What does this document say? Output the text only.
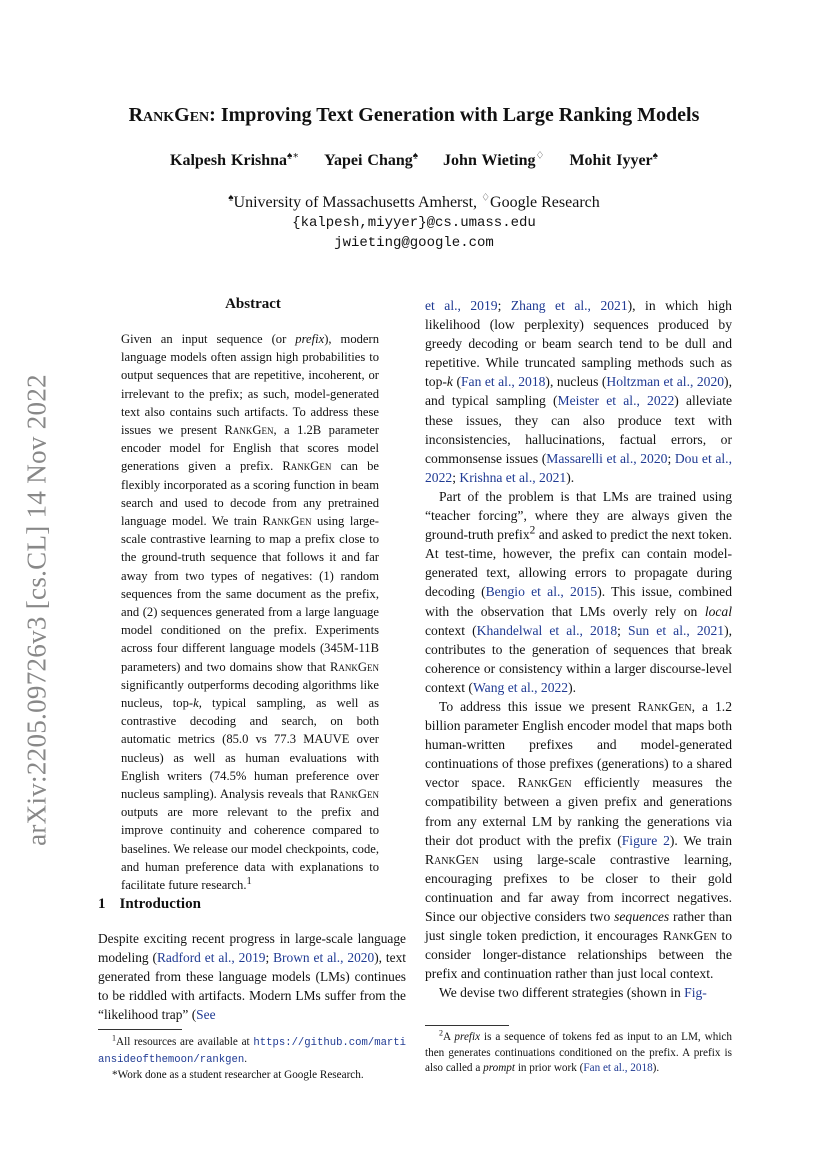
arXiv:2205.09726v3 [cs.CL] 14 Nov 2022
RankGen: Improving Text Generation with Large Ranking Models
Kalpesh Krishna♠∗ Yapei Chang♠ John Wieting♢ Mohit Iyyer♠
♠University of Massachusetts Amherst, ♢Google Research
{kalpesh,miyyer}@cs.umass.edu
jwieting@google.com
Abstract
Given an input sequence (or prefix), modern language models often assign high probabilities to output sequences that are repetitive, incoherent, or irrelevant to the prefix; as such, model-generated text also contains such artifacts. To address these issues we present RankGen, a 1.2B parameter encoder model for English that scores model generations given a prefix. RankGen can be flexibly incorporated as a scoring function in beam search and used to decode from any pretrained language model. We train RankGen using large-scale contrastive learning to map a prefix close to the ground-truth sequence that follows it and far away from two types of negatives: (1) random sequences from the same document as the prefix, and (2) sequences generated from a large language model conditioned on the prefix. Experiments across four different language models (345M-11B parameters) and two domains show that RankGen significantly outperforms decoding algorithms like nucleus, top-k, typical sampling, as well as contrastive decoding and search, on both automatic metrics (85.0 vs 77.3 MAUVE over nucleus) as well as human evaluations with English writers (74.5% human preference over nucleus sampling). Analysis reveals that RankGen outputs are more relevant to the prefix and improve continuity and coherence compared to baselines. We release our model checkpoints, code, and human preference data with explanations to facilitate future research.$^1$
1 Introduction
Despite exciting recent progress in large-scale language modeling (Radford et al., 2019; Brown et al., 2020), text generated from these language models (LMs) continues to be riddled with artifacts. Modern LMs suffer from the “likelihood trap” (See

et al., 2019; Zhang et al., 2021), in which high likelihood (low perplexity) sequences produced by greedy decoding or beam search tend to be dull and repetitive. While truncated sampling methods such as top-k (Fan et al., 2018), nucleus (Holtzman et al., 2020), and typical sampling (Meister et al., 2022) alleviate these issues, they can also produce text with inconsistencies, hallucinations, factual errors, or commonsense issues (Massarelli et al., 2020; Dou et al., 2022; Krishna et al., 2021).

Part of the problem is that LMs are trained using “teacher forcing”, where they are always given the ground-truth prefix$^2$ and asked to predict the next token. At test-time, however, the prefix can contain model-generated text, allowing errors to propagate during decoding (Bengio et al., 2015). This issue, combined with the observation that LMs overly rely on local context (Khandelwal et al., 2018; Sun et al., 2021), contributes to the generation of sequences that break coherence or consistency within a larger discourse-level context (Wang et al., 2022).

To address this issue we present RankGen, a 1.2 billion parameter English encoder model that maps both human-written prefixes and model-generated continuations of those prefixes (generations) to a shared vector space. RankGen efficiently measures the compatibility between a given prefix and generations from any external LM by ranking the generations via their dot product with the prefix (Figure 2). We train RankGen using large-scale contrastive learning, encouraging prefixes to be closer to their gold continuation and far away from incorrect negatives. Since our objective considers two sequences rather than just single token prediction, it encourages RankGen to consider longer-distance relationships between the prefix and continuation rather than just local context.

We devise two different strategies (shown in Fig-

$^1$All resources are available at https://github.com/martiansideofthemoon/rankgen.

*Work done as a student researcher at Google Research.

$^2$A prefix is a sequence of tokens fed as input to an LM, which then generates continuations conditioned on the prefix. A prefix is also called a prompt in prior work (Fan et al., 2018).
